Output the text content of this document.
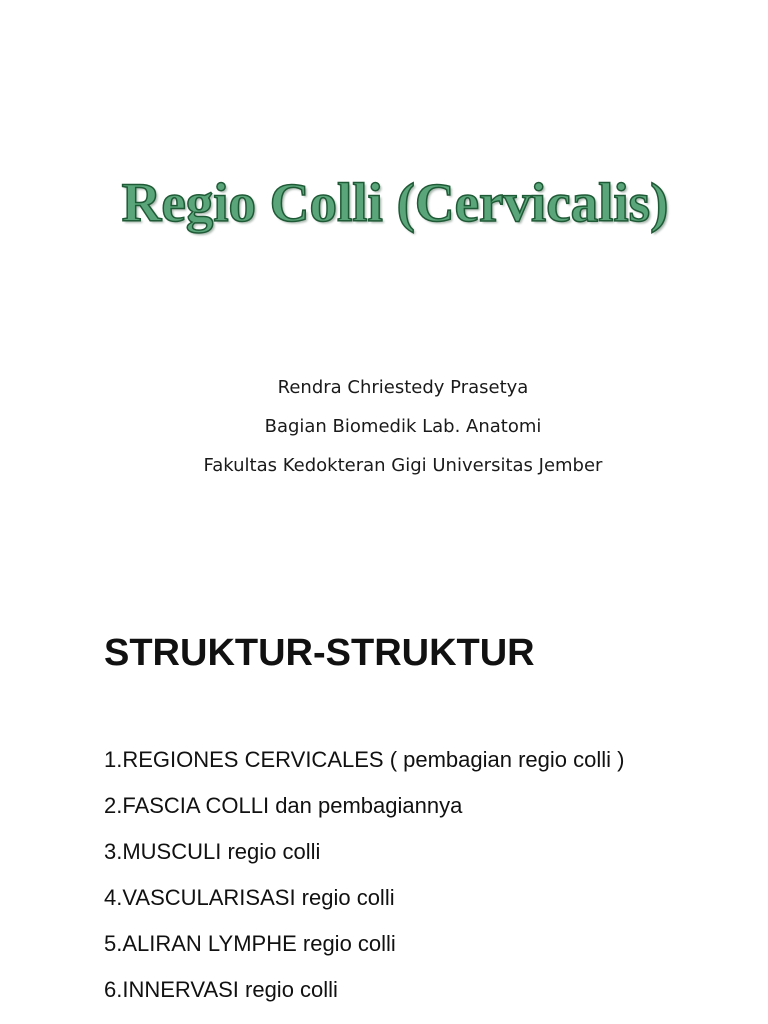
Regio Colli (Cervicalis)
Rendra Chriestedy Prasetya
Bagian Biomedik Lab. Anatomi
Fakultas Kedokteran Gigi Universitas Jember
STRUKTUR-STRUKTUR
1.REGIONES CERVICALES ( pembagian regio colli )
2.FASCIA COLLI dan pembagiannya
3.MUSCULI regio colli
4.VASCULARISASI regio colli
5.ALIRAN LYMPHE regio colli
6.INNERVASI regio colli
